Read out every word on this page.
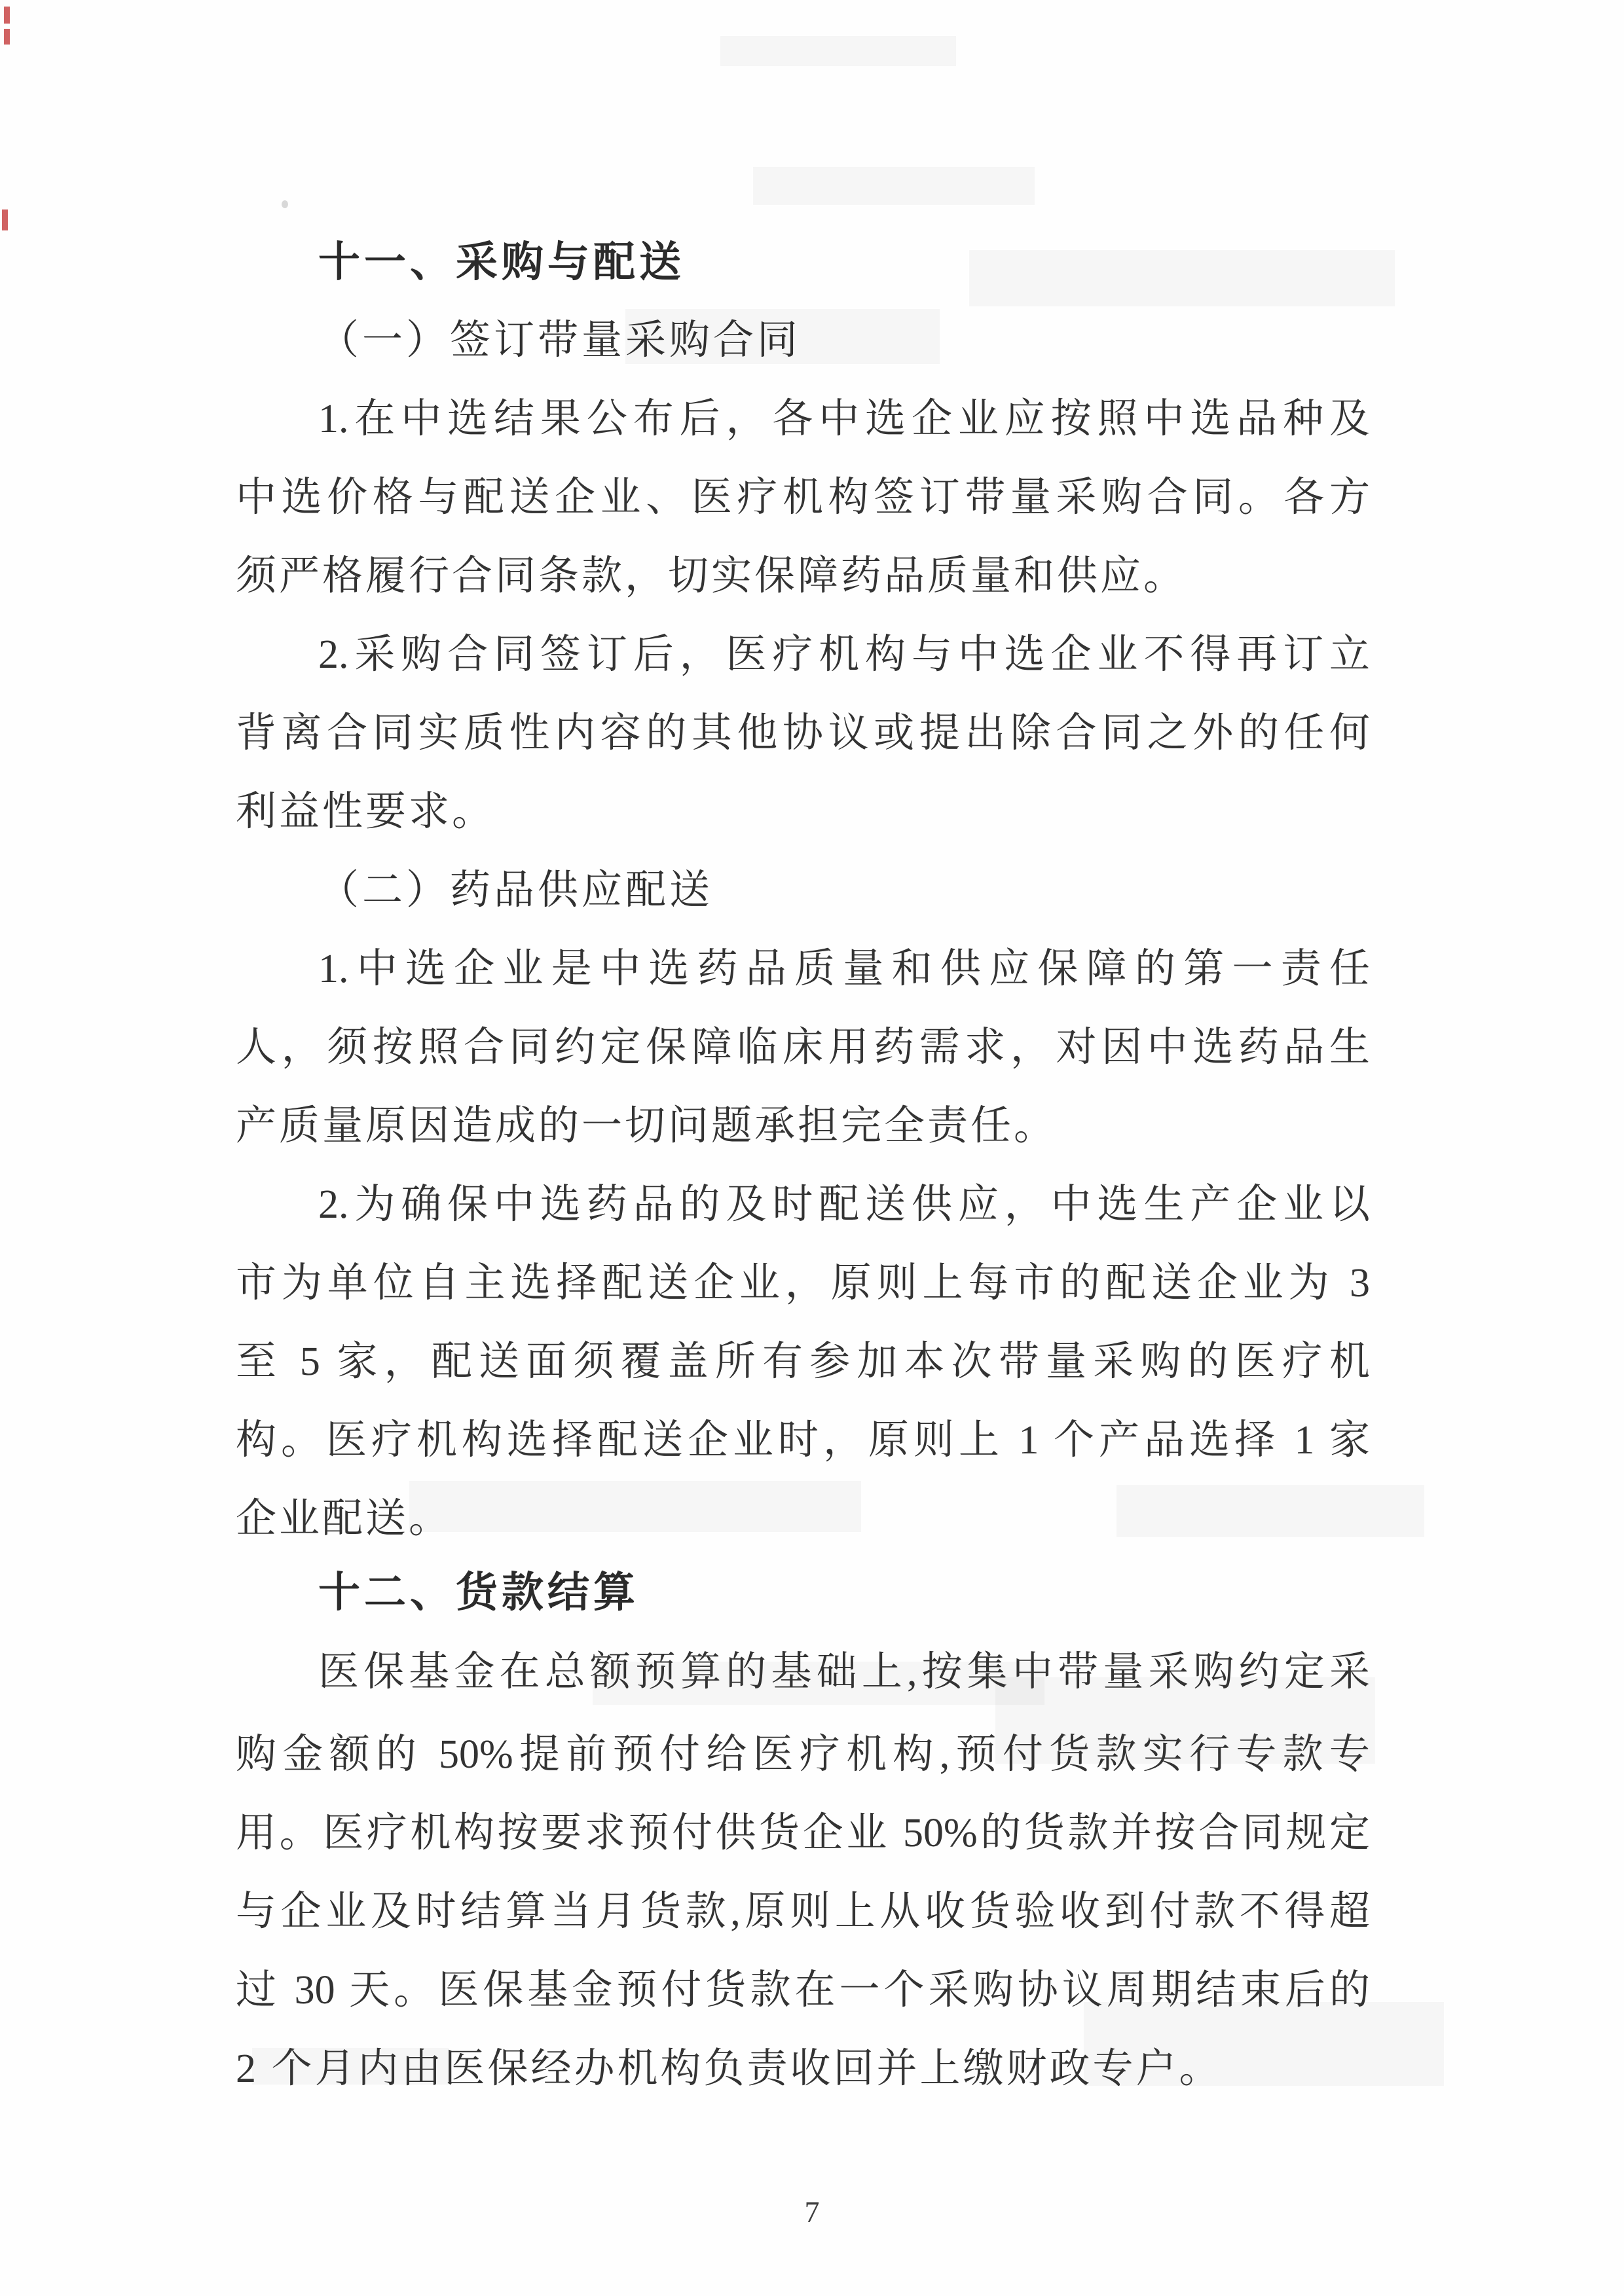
十一、采购与配送
（一）签订带量采购合同
1.在中选结果公布后，各中选企业应按照中选品种及
中选价格与配送企业、医疗机构签订带量采购合同。各方
须严格履行合同条款，切实保障药品质量和供应。
2.采购合同签订后，医疗机构与中选企业不得再订立
背离合同实质性内容的其他协议或提出除合同之外的任何
利益性要求。
（二）药品供应配送
1.中选企业是中选药品质量和供应保障的第一责任
人，须按照合同约定保障临床用药需求，对因中选药品生
产质量原因造成的一切问题承担完全责任。
2.为确保中选药品的及时配送供应，中选生产企业以
市为单位自主选择配送企业，原则上每市的配送企业为 3
至 5 家，配送面须覆盖所有参加本次带量采购的医疗机
构。医疗机构选择配送企业时，原则上 1 个产品选择 1 家
企业配送。
十二、货款结算
医保基金在总额预算的基础上,按集中带量采购约定采
购金额的 50%提前预付给医疗机构,预付货款实行专款专
用。医疗机构按要求预付供货企业 50%的货款并按合同规定
与企业及时结算当月货款,原则上从收货验收到付款不得超
过 30 天。医保基金预付货款在一个采购协议周期结束后的
2 个月内由医保经办机构负责收回并上缴财政专户。
7
